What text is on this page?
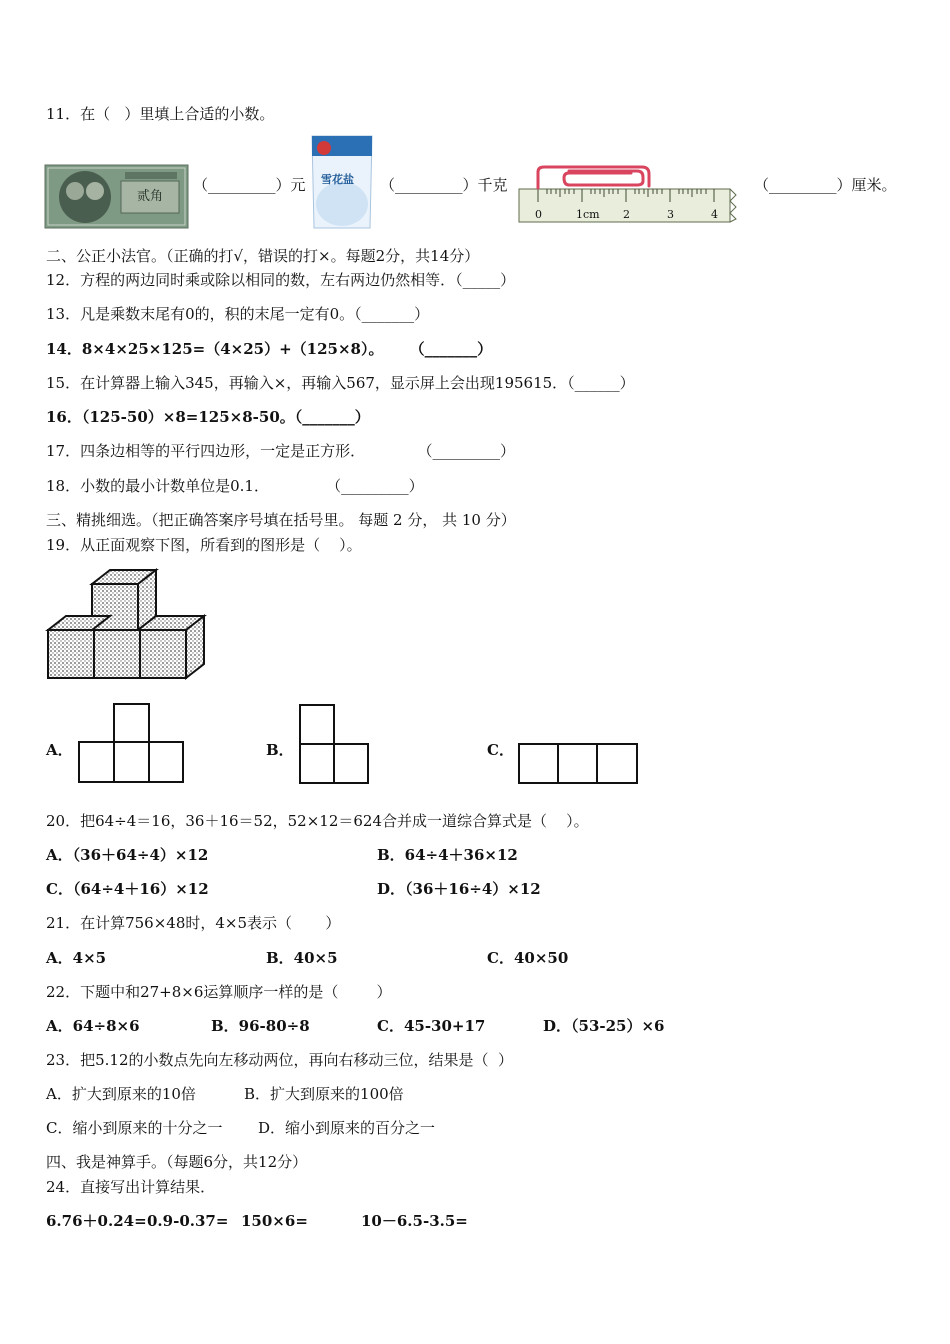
11．在（   ）里填上合适的小数。
贰角
（_________）元 雪花盐 （_________）千克
0	1cm 2	3	4
（_________）厘米。
二、公正小法官。（正确的打√，错误的打×。每题2分，共14分）
12．方程的两边同时乘或除以相同的数，左右两边仍然相等．（_____）
13．凡是乘数末尾有0的，积的末尾一定有0。（_______）
14．8×4×25×125=（4×25）+（125×8）。     （_______）
15．在计算器上输入345，再输入×，再输入567，显示屏上会出现195615．（______）
16．（125-50）×8=125×8-50。（_______）
17．四条边相等的平行四边形，一定是正方形．           （_________）
18．小数的最小计数单位是0.1．            （_________）
三、精挑细选。（把正确答案序号填在括号里。 每题 2 分， 共 10 分）
19．从正面观察下图，所看到的图形是（    ）。
A．	B．	C．
20．把64÷4＝16，36＋16＝52，52×12＝624合并成一道综合算式是（    ）。
A．（36＋64÷4）×12	B．64÷4＋36×12
C．（64÷4＋16）×12	D．（36＋16÷4）×12
21．在计算756×48时，4×5表示（       ）
A．4×5	B．40×5	C．40×50
22．下题中和27+8×6运算顺序一样的是（        ）
A．64÷8×6	B．96-80÷8	C．45-30+17	D．（53-25）×6
23．把5.12的小数点先向左移动两位，再向右移动三位，结果是（  ）
A．扩大到原来的10倍	B．扩大到原来的100倍
C．缩小到原来的十分之一 D．缩小到原来的百分之一
四、我是神算手。（每题6分，共12分）
24．直接写出计算结果．
6.76＋0.24= 0.9-0.37= 150×6=	10－6.5-3.5=
